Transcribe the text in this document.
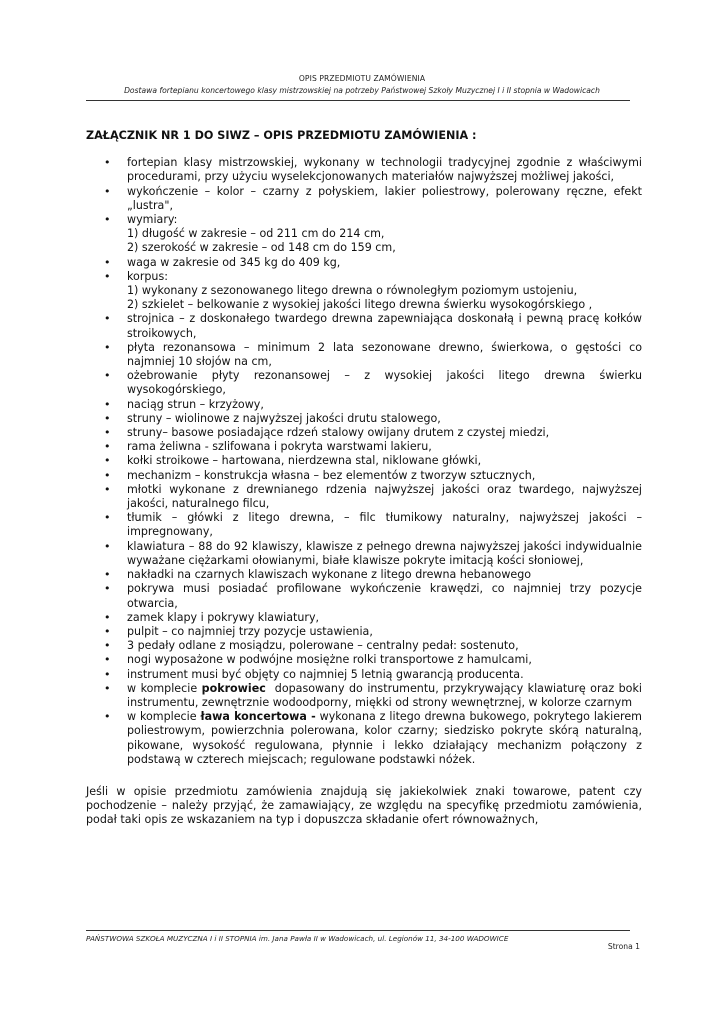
OPIS PRZEDMIOTU ZAMÓWIENIA
Dostawa fortepianu koncertowego klasy mistrzowskiej na potrzeby Państwowej Szkoły Muzycznej I i II stopnia w Wadowicach
ZAŁĄCZNIK NR 1 DO SIWZ – OPIS PRZEDMIOTU ZAMÓWIENIA :
• fortepian klasy mistrzowskiej, wykonany w technologii tradycyjnej zgodnie z właściwymi procedurami, przy użyciu wyselekcjonowanych materiałów najwyższej możliwej jakości,
• wykończenie – kolor – czarny z połyskiem, lakier poliestrowy, polerowany ręczne, efekt „lustra",
• wymiary:
1) długość w zakresie – od 211 cm do 214 cm,
2) szerokość w zakresie – od 148 cm do 159 cm,
• waga w zakresie od 345 kg do 409 kg,
• korpus:
1) wykonany z sezonowanego litego drewna o równoległym poziomym ustojeniu,
2) szkielet – belkowanie z wysokiej jakości litego drewna świerku wysokogórskiego ,
• strojnica – z doskonałego twardego drewna zapewniająca doskonałą i pewną pracę kołków stroikowych,
• płyta rezonansowa – minimum 2 lata sezonowane drewno, świerkowa, o gęstości co najmniej 10 słojów na cm,
• ożebrowanie płyty rezonansowej – z wysokiej jakości litego drewna świerku wysokogórskiego,
• naciąg strun – krzyżowy,
• struny – wiolinowe z najwyższej jakości drutu stalowego,
• struny– basowe posiadające rdzeń stalowy owijany drutem z czystej miedzi,
• rama żeliwna - szlifowana i pokryta warstwami lakieru,
• kołki stroikowe – hartowana, nierdzewna stal, niklowane główki,
• mechanizm – konstrukcja własna – bez elementów z tworzyw sztucznych,
• młotki wykonane z drewnianego rdzenia najwyższej jakości oraz twardego, najwyższej jakości, naturalnego filcu,
• tłumik – główki z litego drewna, – filc tłumikowy naturalny, najwyższej jakości – impregnowany,
• klawiatura – 88 do 92 klawiszy, klawisze z pełnego drewna najwyższej jakości indywidualnie wyważane ciężarkami ołowianymi, białe klawisze pokryte imitacją kości słoniowej,
• nakładki na czarnych klawiszach wykonane z litego drewna hebanowego
• pokrywa musi posiadać profilowane wykończenie krawędzi, co najmniej trzy pozycje otwarcia,
• zamek klapy i pokrywy klawiatury,
• pulpit – co najmniej trzy pozycje ustawienia,
• 3 pedały odlane z mosiądzu, polerowane – centralny pedał: sostenuto,
• nogi wyposażone w podwójne mosiężne rolki transportowe z hamulcami,
• instrument musi być objęty co najmniej 5 letnią gwarancją producenta.
• w komplecie pokrowiec  dopasowany do instrumentu, przykrywający klawiaturę oraz boki instrumentu, zewnętrznie wodoodporny, miękki od strony wewnętrznej, w kolorze czarnym
• w komplecie ława koncertowa - wykonana z litego drewna bukowego, pokrytego lakierem poliestrowym, powierzchnia polerowana, kolor czarny; siedzisko pokryte skórą naturalną, pikowane, wysokość regulowana, płynnie i lekko działający mechanizm połączony z podstawą w czterech miejscach; regulowane podstawki nóżek.
Jeśli w opisie przedmiotu zamówienia znajdują się jakiekolwiek znaki towarowe, patent czy pochodzenie – należy przyjąć, że zamawiający, ze względu na specyfikę przedmiotu zamówienia, podał taki opis ze wskazaniem na typ i dopuszcza składanie ofert równoważnych,
PAŃSTWOWA SZKOŁA MUZYCZNA I i II STOPNIA im. Jana Pawła II w Wadowicach, ul. Legionów 11, 34-100 WADOWICE
Strona 1
